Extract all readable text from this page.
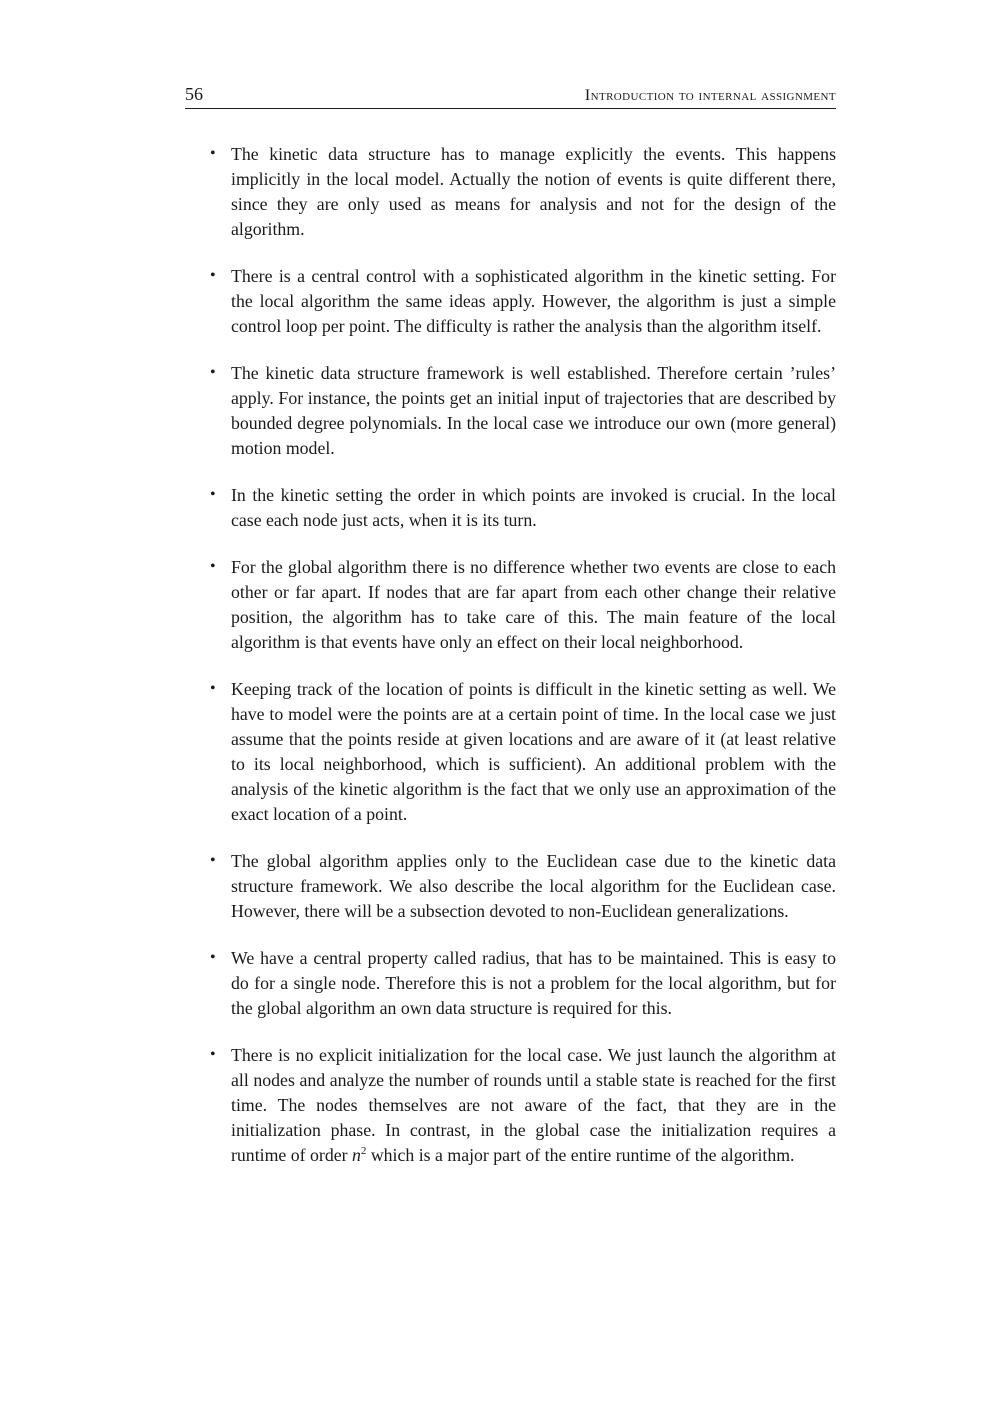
56	Introduction to internal assignment
• The kinetic data structure has to manage explicitly the events. This happens implicitly in the local model. Actually the notion of events is quite different there, since they are only used as means for analysis and not for the design of the algorithm.
• There is a central control with a sophisticated algorithm in the kinetic setting. For the local algorithm the same ideas apply. However, the algorithm is just a simple control loop per point. The difficulty is rather the analysis than the algorithm itself.
• The kinetic data structure framework is well established. Therefore certain ’rules’ apply. For instance, the points get an initial input of trajectories that are described by bounded degree polynomials. In the local case we introduce our own (more general) motion model.
• In the kinetic setting the order in which points are invoked is crucial. In the local case each node just acts, when it is its turn.
• For the global algorithm there is no difference whether two events are close to each other or far apart. If nodes that are far apart from each other change their relative position, the algorithm has to take care of this. The main feature of the local algorithm is that events have only an effect on their local neighborhood.
• Keeping track of the location of points is difficult in the kinetic setting as well. We have to model were the points are at a certain point of time. In the local case we just assume that the points reside at given locations and are aware of it (at least relative to its local neighborhood, which is sufficient). An additional problem with the analysis of the kinetic algorithm is the fact that we only use an approximation of the exact location of a point.
• The global algorithm applies only to the Euclidean case due to the kinetic data structure framework. We also describe the local algorithm for the Euclidean case. However, there will be a subsection devoted to non-Euclidean generalizations.
• We have a central property called radius, that has to be maintained. This is easy to do for a single node. Therefore this is not a problem for the local algorithm, but for the global algorithm an own data structure is required for this.
• There is no explicit initialization for the local case. We just launch the algorithm at all nodes and analyze the number of rounds until a stable state is reached for the first time. The nodes themselves are not aware of the fact, that they are in the initialization phase. In contrast, in the global case the initialization requires a runtime of order $n^2$ which is a major part of the entire runtime of the algorithm.
